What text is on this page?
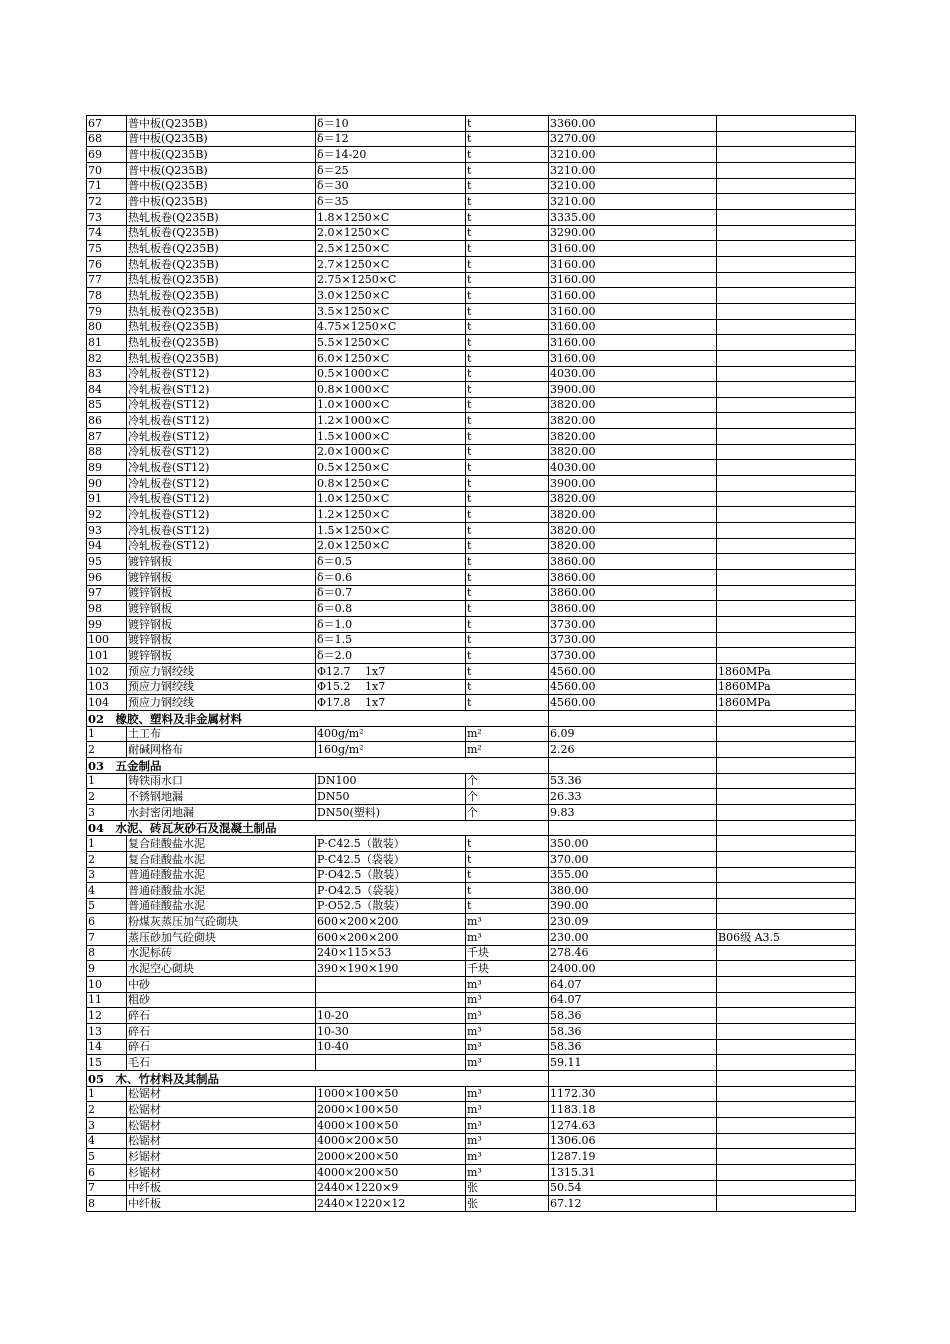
67	普中板(Q235B)	δ＝10	t	3360.00	
68	普中板(Q235B)	δ＝12	t	3270.00	
69	普中板(Q235B)	δ＝14-20	t	3210.00	
70	普中板(Q235B)	δ＝25	t	3210.00	
71	普中板(Q235B)	δ＝30	t	3210.00	
72	普中板(Q235B)	δ＝35	t	3210.00	
73	热轧板卷(Q235B)	1.8×1250×C	t	3335.00	
74	热轧板卷(Q235B)	2.0×1250×C	t	3290.00	
75	热轧板卷(Q235B)	2.5×1250×C	t	3160.00	
76	热轧板卷(Q235B)	2.7×1250×C	t	3160.00	
77	热轧板卷(Q235B)	2.75×1250×C	t	3160.00	
78	热轧板卷(Q235B)	3.0×1250×C	t	3160.00	
79	热轧板卷(Q235B)	3.5×1250×C	t	3160.00	
80	热轧板卷(Q235B)	4.75×1250×C	t	3160.00	
81	热轧板卷(Q235B)	5.5×1250×C	t	3160.00	
82	热轧板卷(Q235B)	6.0×1250×C	t	3160.00	
83	冷轧板卷(ST12)	0.5×1000×C	t	4030.00	
84	冷轧板卷(ST12)	0.8×1000×C	t	3900.00	
85	冷轧板卷(ST12)	1.0×1000×C	t	3820.00	
86	冷轧板卷(ST12)	1.2×1000×C	t	3820.00	
87	冷轧板卷(ST12)	1.5×1000×C	t	3820.00	
88	冷轧板卷(ST12)	2.0×1000×C	t	3820.00	
89	冷轧板卷(ST12)	0.5×1250×C	t	4030.00	
90	冷轧板卷(ST12)	0.8×1250×C	t	3900.00	
91	冷轧板卷(ST12)	1.0×1250×C	t	3820.00	
92	冷轧板卷(ST12)	1.2×1250×C	t	3820.00	
93	冷轧板卷(ST12)	1.5×1250×C	t	3820.00	
94	冷轧板卷(ST12)	2.0×1250×C	t	3820.00	
95	镀锌钢板	δ＝0.5	t	3860.00	
96	镀锌钢板	δ＝0.6	t	3860.00	
97	镀锌钢板	δ＝0.7	t	3860.00	
98	镀锌钢板	δ＝0.8	t	3860.00	
99	镀锌钢板	δ＝1.0	t	3730.00	
100	镀锌钢板	δ＝1.5	t	3730.00	
101	镀锌钢板	δ＝2.0	t	3730.00	
102	预应力钢绞线	Φ12.7　 1x7	t	4560.00	1860MPa
103	预应力钢绞线	Φ15.2　 1x7	t	4560.00	1860MPa
104	预应力钢绞线	Φ17.8　 1x7	t	4560.00	1860MPa
02　橡胶、塑料及非金属材料					
1	土工布	400g/m²	m²	6.09	
2	耐碱网格布	160g/m²	m²	2.26	
03　五金制品					
1	铸铁雨水口	DN100	个	53.36	
2	不锈钢地漏	DN50	个	26.33	
3	水封密闭地漏	DN50(塑料)	个	9.83	
04　水泥、砖瓦灰砂石及混凝土制品					
1	复合硅酸盐水泥	P·C42.5（散装）	t	350.00	
2	复合硅酸盐水泥	P·C42.5（袋装）	t	370.00	
3	普通硅酸盐水泥	P·O42.5（散装）	t	355.00	
4	普通硅酸盐水泥	P·O42.5（袋装）	t	380.00	
5	普通硅酸盐水泥	P·O52.5（散装）	t	390.00	
6	粉煤灰蒸压加气砼砌块	600×200×200	m³	230.09	
7	蒸压砂加气砼砌块	600×200×200	m³	230.00	B06级 A3.5
8	水泥标砖	240×115×53	千块	278.46	
9	水泥空心砌块	390×190×190	千块	2400.00	
10	中砂		m³	64.07	
11	粗砂		m³	64.07	
12	碎石	10-20	m³	58.36	
13	碎石	10-30	m³	58.36	
14	碎石	10-40	m³	58.36	
15	毛石		m³	59.11	
05　木、竹材料及其制品					
1	松锯材	1000×100×50	m³	1172.30	
2	松锯材	2000×100×50	m³	1183.18	
3	松锯材	4000×100×50	m³	1274.63	
4	松锯材	4000×200×50	m³	1306.06	
5	杉锯材	2000×200×50	m³	1287.19	
6	杉锯材	4000×200×50	m³	1315.31	
7	中纤板	2440×1220×9	张	50.54	
8	中纤板	2440×1220×12	张	67.12	
